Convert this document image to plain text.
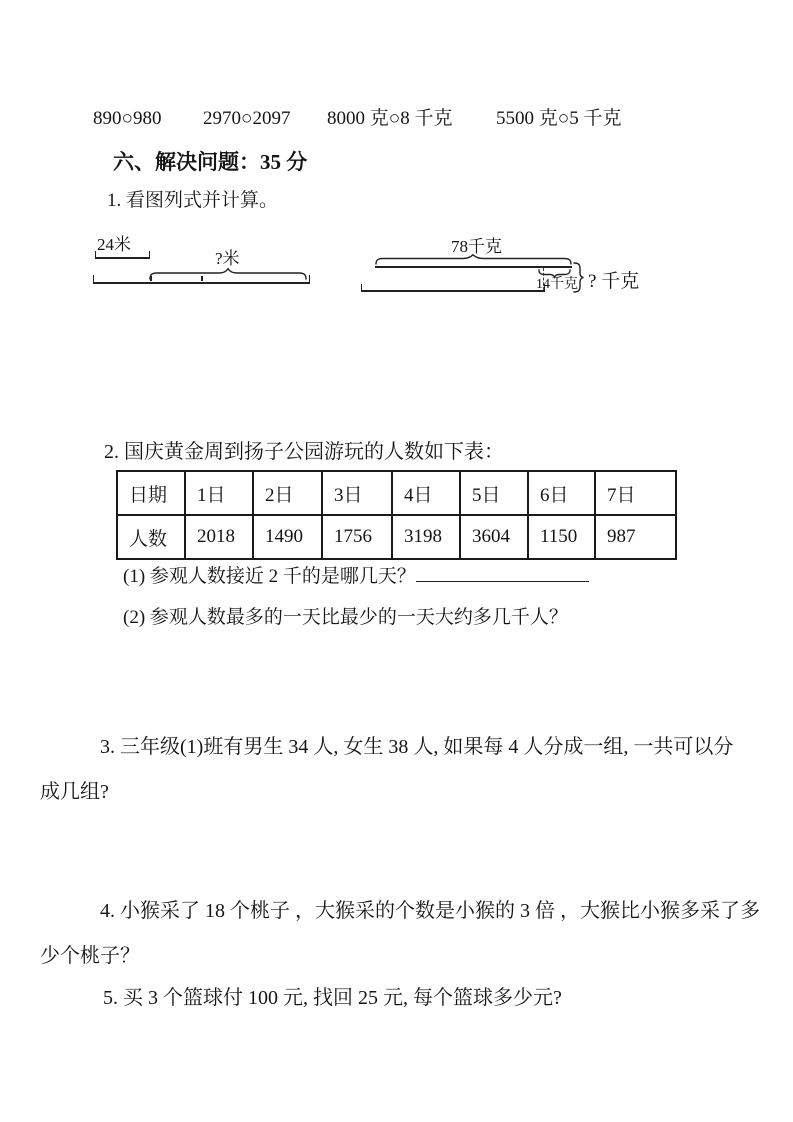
890○980 2970○2097 8000 克○8 千克 5500 克○5 千克
六、解决问题：35 分
1. 看图列式并计算。
24米
?米
78千克
14千克 ? 千克
2. 国庆黄金周到扬子公园游玩的人数如下表：
日期	1日	2日	3日	4日	5日	6日	7日
人数	2018	1490	1756	3198	3604	1150	987
(1) 参观人数接近 2 千的是哪几天？
(2) 参观人数最多的一天比最少的一天大约多几千人？
3. 三年级(1)班有男生 34 人, 女生 38 人, 如果每 4 人分成一组, 一共可以分
成几组?
4. 小猴采了 18 个桃子 ，大猴采的个数是小猴的 3 倍 ，大猴比小猴多采了多
少个桃子？
5. 买 3 个篮球付 100 元, 找回 25 元, 每个篮球多少元?
